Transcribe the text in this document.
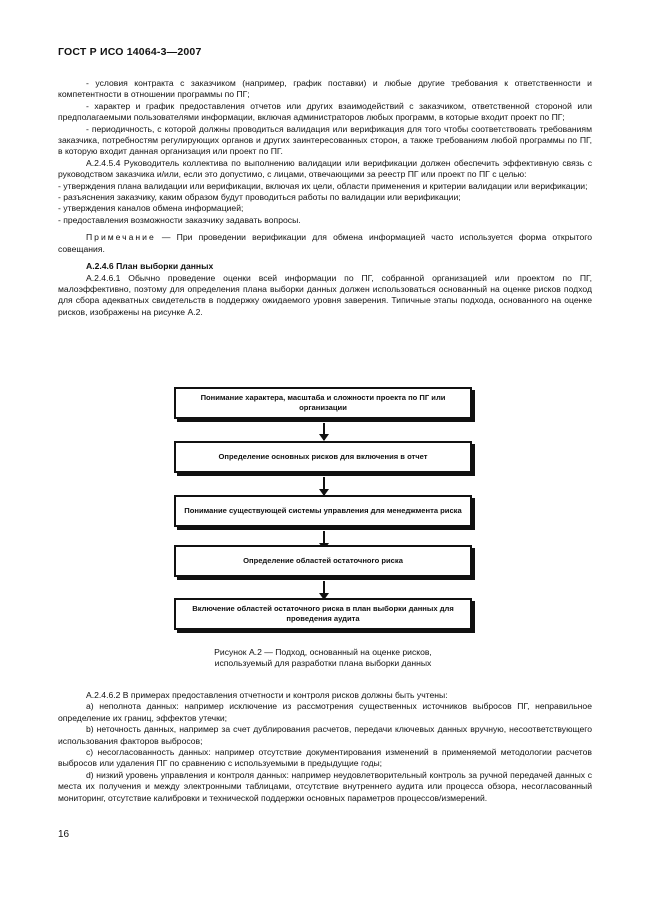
ГОСТ Р ИСО 14064-3—2007

- условия контракта с заказчиком (например, график поставки) и любые другие требования к ответственности и компетентности в отношении программы по ПГ;

- характер и график предоставления отчетов или других взаимодействий с заказчиком, ответственной стороной или предполагаемыми пользователями информации, включая администраторов любых программ, в которые входит проект по ПГ;

- периодичность, с которой должны проводиться валидация или верификация для того чтобы соответствовать требованиям заказчика, потребностям регулирующих органов и других заинтересованных сторон, а также требованиям любой программы по ПГ, в которую входит данная организация или проект по ПГ.

А.2.4.5.4 Руководитель коллектива по выполнению валидации или верификации должен обеспечить эффективную связь с руководством заказчика и/или, если это допустимо, с лицами, отвечающими за реестр ПГ или проект по ПГ с целью:

- утверждения плана валидации или верификации, включая их цели, области применения и критерии валидации или верификации;

- разъяснения заказчику, каким образом будут проводиться работы по валидации или верификации;

- утверждения каналов обмена информацией;

- предоставления возможности заказчику задавать вопросы.

Примечание — При проведении верификации для обмена информацией часто используется форма открытого совещания.

А.2.4.6 План выборки данных

А.2.4.6.1 Обычно проведение оценки всей информации по ПГ, собранной организацией или проектом по ПГ, малоэффективно, поэтому для определения плана выборки данных должен использоваться основанный на оценке рисков подход для сбора адекватных свидетельств в поддержку ожидаемого уровня заверения. Типичные этапы подхода, основанного на оценке рисков, изображены на рисунке А.2.

Понимание характера, масштаба и сложности проекта по ПГ или организации
Определение основных рисков для включения в отчет
Понимание существующей системы управления для менеджмента риска
Определение областей остаточного риска
Включение областей остаточного риска в план выборки данных для проведения аудита
Рисунок А.2 — Подход, основанный на оценке рисков,
используемый для разработки плана выборки данных

А.2.4.6.2 В примерах предоставления отчетности и контроля рисков должны быть учтены:

а) неполнота данных: например исключение из рассмотрения существенных источников выбросов ПГ, неправильное определение их границ, эффектов утечки;

b) неточность данных, например за счет дублирования расчетов, передачи ключевых данных вручную, несоответствующего использования факторов выбросов;

c) несогласованность данных: например отсутствие документирования изменений в применяемой методологии расчетов выбросов или удаления ПГ по сравнению с используемыми в предыдущие годы;

d) низкий уровень управления и контроля данных: например неудовлетворительный контроль за ручной передачей данных с места их получения и между электронными таблицами, отсутствие внутреннего аудита или процесса обзора, несогласованный мониторинг, отсутствие калибровки и технической поддержки основных параметров процессов/измерений.

16
